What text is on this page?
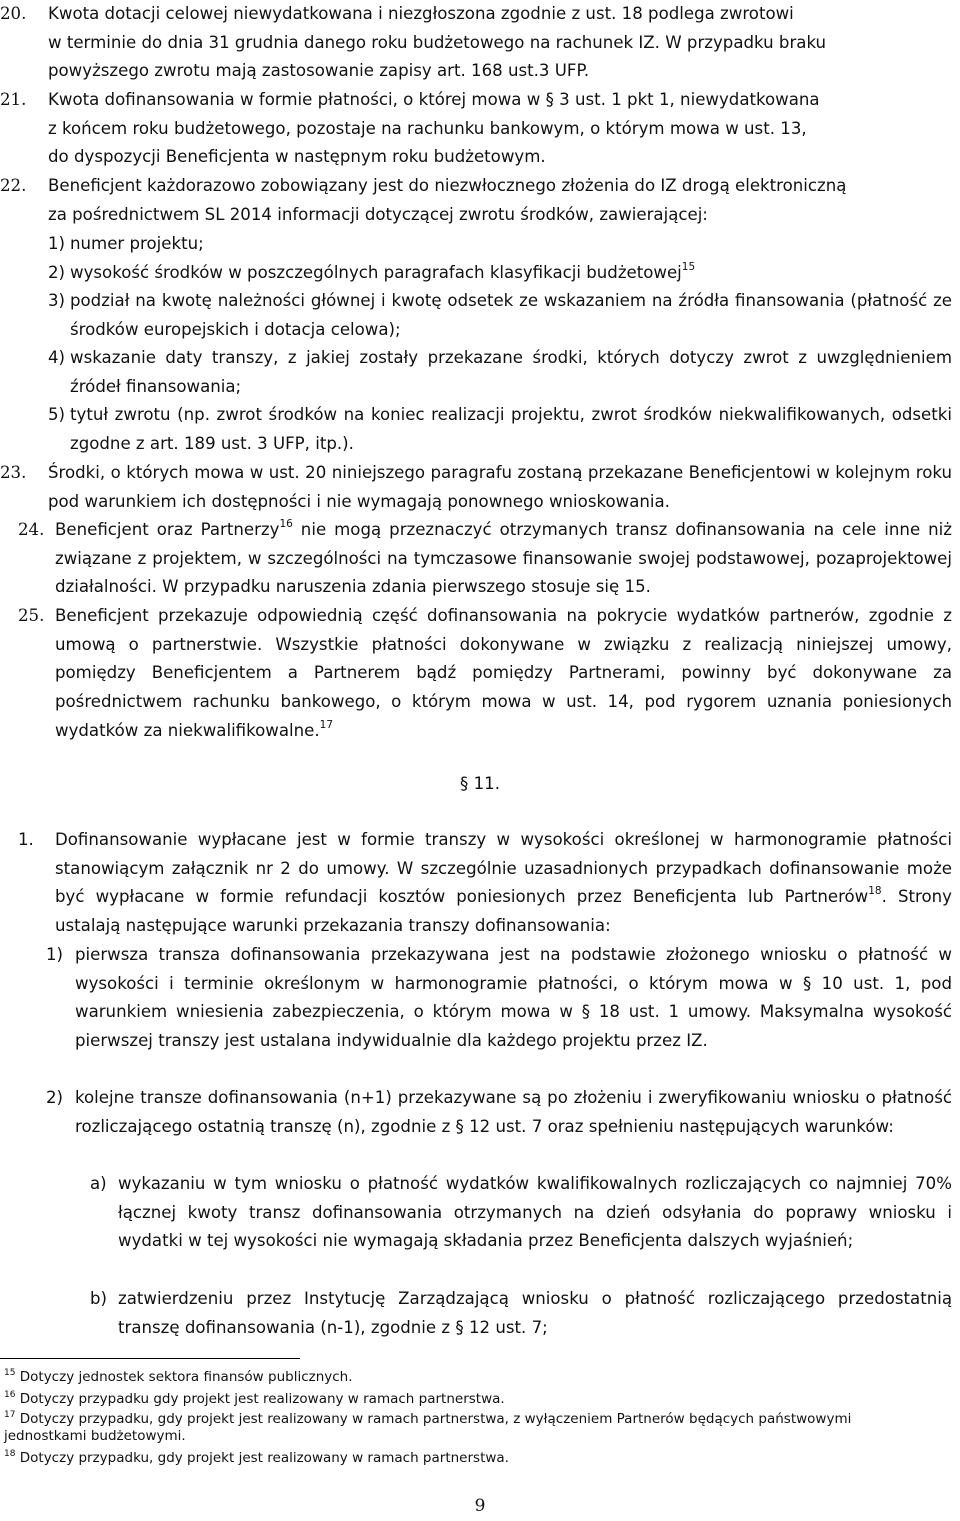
20. Kwota dotacji celowej niewydatkowana i niezgłoszona zgodnie z ust. 18 podlega zwrotowi
w terminie do dnia 31 grudnia danego roku budżetowego na rachunek IZ. W przypadku braku
powyższego zwrotu mają zastosowanie zapisy art. 168 ust.3 UFP.
21.	Kwota dofinansowania w formie płatności, o której mowa w § 3 ust. 1 pkt 1, niewydatkowana
z końcem roku budżetowego, pozostaje na rachunku bankowym, o którym mowa w ust. 13,
do dyspozycji Beneficjenta w następnym roku budżetowym.
22.	Beneficjent każdorazowo zobowiązany jest do niezwłocznego złożenia do IZ drogą elektroniczną
za pośrednictwem SL 2014 informacji dotyczącej zwrotu środków, zawierającej:
1) numer projektu;
2) wysokość środków w poszczególnych paragrafach klasyfikacji budżetowej$^{15}$
3) podział na kwotę należności głównej i kwotę odsetek ze wskazaniem na źródła finansowania (płatność ze środków europejskich i dotacja celowa);
4) wskazanie daty transzy, z jakiej zostały przekazane środki, których dotyczy zwrot z uwzględnieniem źródeł finansowania;
5) tytuł zwrotu (np. zwrot środków na koniec realizacji projektu, zwrot środków niekwalifikowanych, odsetki zgodne z art. 189 ust. 3 UFP, itp.).
23. Środki, o których mowa w ust. 20 niniejszego paragrafu zostaną przekazane Beneficjentowi w kolejnym roku pod warunkiem ich dostępności i nie wymagają ponownego wnioskowania.
24. Beneficjent oraz Partnerzy$^{16}$ nie mogą przeznaczyć otrzymanych transz dofinansowania na cele inne niż związane z projektem, w szczególności na tymczasowe finansowanie swojej podstawowej, pozaprojektowej działalności. W przypadku naruszenia zdania pierwszego stosuje się 15.
25. Beneficjent przekazuje odpowiednią część dofinansowania na pokrycie wydatków partnerów, zgodnie z umową o partnerstwie. Wszystkie płatności dokonywane w związku z realizacją niniejszej umowy, pomiędzy Beneficjentem a Partnerem bądź pomiędzy Partnerami, powinny być dokonywane za pośrednictwem rachunku bankowego, o którym mowa w ust. 14, pod rygorem uznania poniesionych wydatków za niekwalifikowalne.$^{17}$
§ 11.
1. Dofinansowanie wypłacane jest w formie transzy w wysokości określonej w harmonogramie płatności stanowiącym załącznik nr 2 do umowy. W szczególnie uzasadnionych przypadkach dofinansowanie może być wypłacane w formie refundacji kosztów poniesionych przez Beneficjenta lub Partnerów$^{18}$. Strony ustalają następujące warunki przekazania transzy dofinansowania:
1) pierwsza transza dofinansowania przekazywana jest na podstawie złożonego wniosku o płatność w wysokości i terminie określonym w harmonogramie płatności, o którym mowa w § 10 ust. 1, pod warunkiem wniesienia zabezpieczenia, o którym mowa w § 18 ust. 1 umowy. Maksymalna wysokość pierwszej transzy jest ustalana indywidualnie dla każdego projektu przez IZ.
2) kolejne transze dofinansowania (n+1) przekazywane są po złożeniu i zweryfikowaniu wniosku o płatność rozliczającego ostatnią transzę (n), zgodnie z § 12 ust. 7 oraz spełnieniu następujących warunków:
a) wykazaniu w tym wniosku o płatność wydatków kwalifikowalnych rozliczających co najmniej 70% łącznej kwoty transz dofinansowania otrzymanych na dzień odsyłania do poprawy wniosku i wydatki w tej wysokości nie wymagają składania przez Beneficjenta dalszych wyjaśnień;
b) zatwierdzeniu przez Instytucję Zarządzającą wniosku o płatność rozliczającego przedostatnią transzę dofinansowania (n-1), zgodnie z § 12 ust. 7;
$^{15}$ Dotyczy jednostek sektora finansów publicznych.
$^{16}$ Dotyczy przypadku gdy projekt jest realizowany w ramach partnerstwa.
$^{17}$ Dotyczy przypadku, gdy projekt jest realizowany w ramach partnerstwa, z wyłączeniem Partnerów będących państwowymi jednostkami budżetowymi.
$^{18}$ Dotyczy przypadku, gdy projekt jest realizowany w ramach partnerstwa.
9
